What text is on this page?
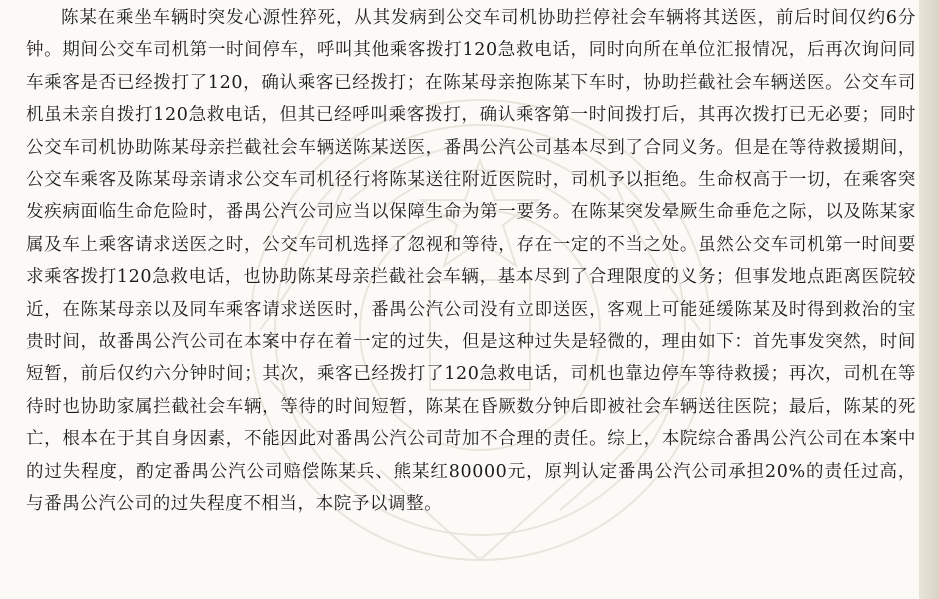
陈某在乘坐车辆时突发心源性猝死，从其发病到公交车司机协助拦停社会车辆将其送医，前后时间仅约6分钟。期间公交车司机第一时间停车，呼叫其他乘客拨打120急救电话，同时向所在单位汇报情况，后再次询问同车乘客是否已经拨打了120，确认乘客已经拨打；在陈某母亲抱陈某下车时，协助拦截社会车辆送医。公交车司机虽未亲自拨打120急救电话，但其已经呼叫乘客拨打，确认乘客第一时间拨打后，其再次拨打已无必要；同时公交车司机协助陈某母亲拦截社会车辆送陈某送医，番禺公汽公司基本尽到了合同义务。但是在等待救援期间，公交车乘客及陈某母亲请求公交车司机径行将陈某送往附近医院时，司机予以拒绝。生命权高于一切，在乘客突发疾病面临生命危险时，番禺公汽公司应当以保障生命为第一要务。在陈某突发晕厥生命垂危之际，以及陈某家属及车上乘客请求送医之时，公交车司机选择了忽视和等待，存在一定的不当之处。虽然公交车司机第一时间要求乘客拨打120急救电话，也协助陈某母亲拦截社会车辆，基本尽到了合理限度的义务；但事发地点距离医院较近，在陈某母亲以及同车乘客请求送医时，番禺公汽公司没有立即送医，客观上可能延缓陈某及时得到救治的宝贵时间，故番禺公汽公司在本案中存在着一定的过失，但是这种过失是轻微的，理由如下：首先事发突然，时间短暂，前后仅约六分钟时间；其次，乘客已经拨打了120急救电话，司机也靠边停车等待救援；再次，司机在等待时也协助家属拦截社会车辆，等待的时间短暂，陈某在昏厥数分钟后即被社会车辆送往医院；最后，陈某的死亡，根本在于其自身因素，不能因此对番禺公汽公司苛加不合理的责任。综上，本院综合番禺公汽公司在本案中的过失程度，酌定番禺公汽公司赔偿陈某兵、熊某红80000元，原判认定番禺公汽公司承担20%的责任过高，与番禺公汽公司的过失程度不相当，本院予以调整。
